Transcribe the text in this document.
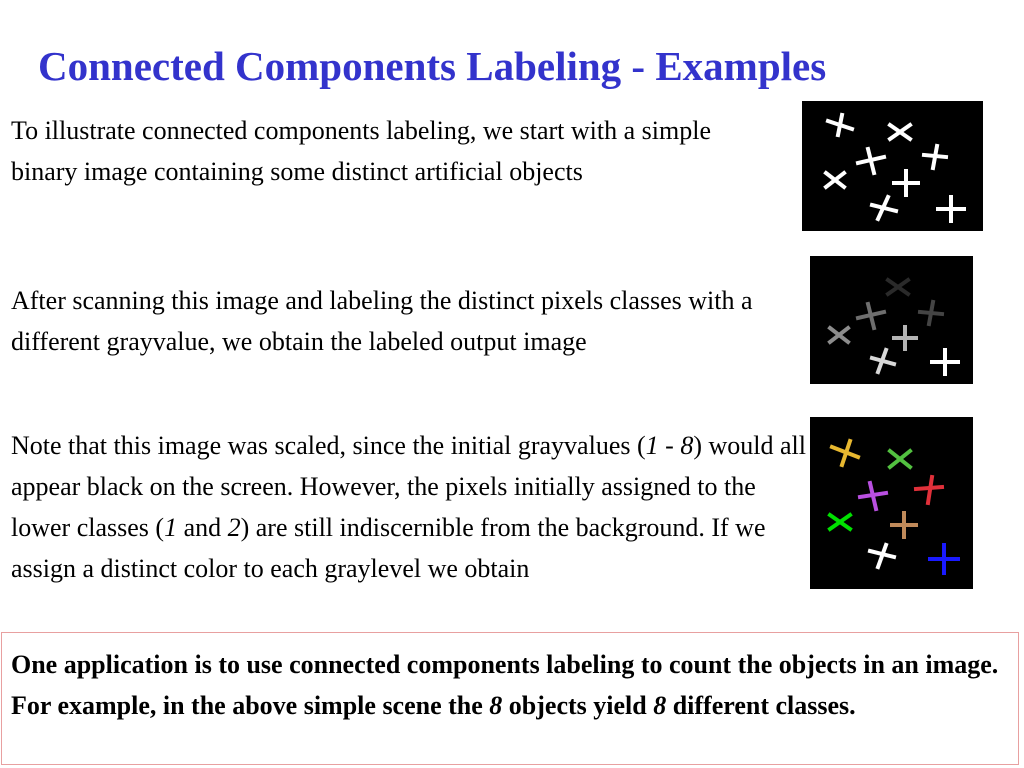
Connected Components Labeling - Examples
To illustrate connected components labeling, we start with a simple binary image containing some distinct artificial objects
After scanning this image and labeling the distinct pixels classes with a different grayvalue, we obtain the labeled output image
Note that this image was scaled, since the initial grayvalues (1 - 8) would all appear black on the screen. However, the pixels initially assigned to the lower classes (1 and 2) are still indiscernible from the background. If we assign a distinct color to each graylevel we obtain
One application is to use connected components labeling to count the objects in an image. For example, in the above simple scene the 8 objects yield 8 different classes.
